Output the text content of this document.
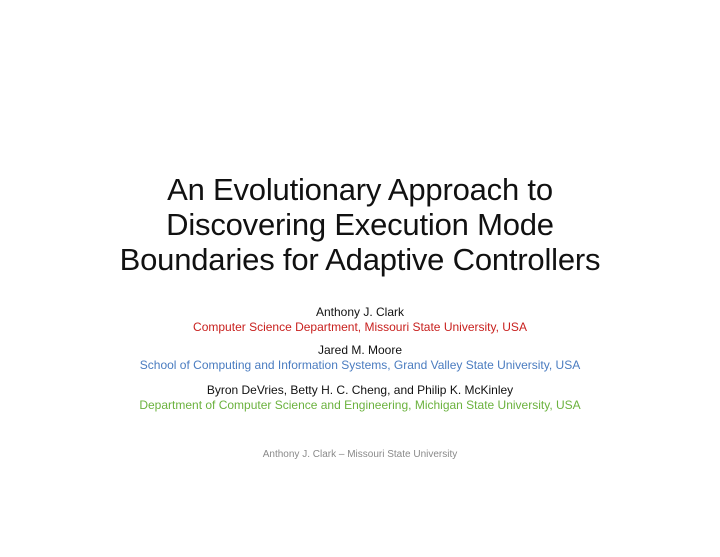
An Evolutionary Approach to
Discovering Execution Mode
Boundaries for Adaptive Controllers
Anthony J. Clark
Computer Science Department, Missouri State University, USA
Jared M. Moore
School of Computing and Information Systems, Grand Valley State University, USA
Byron DeVries, Betty H. C. Cheng, and Philip K. McKinley
Department of Computer Science and Engineering, Michigan State University, USA
Anthony J. Clark – Missouri State University
